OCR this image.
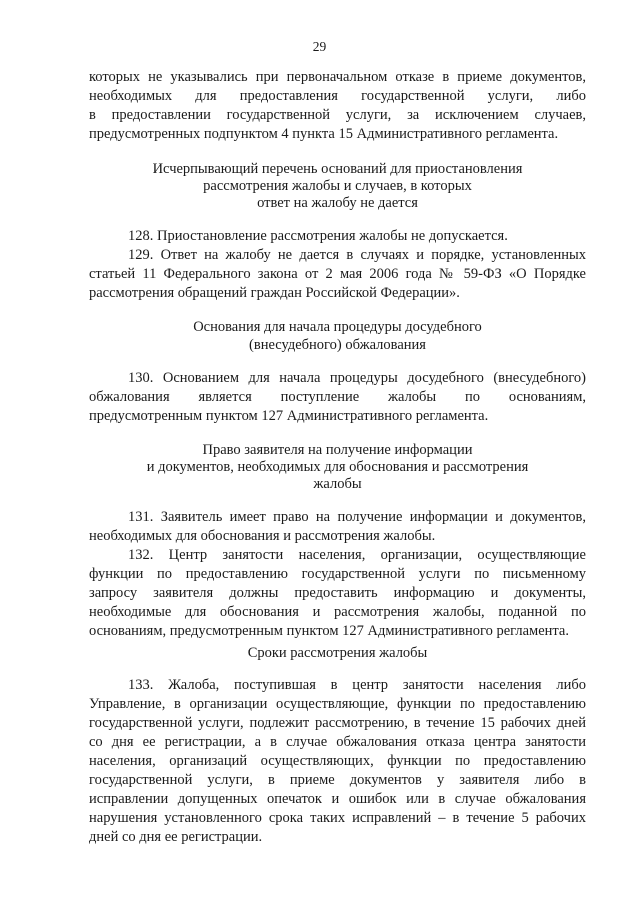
29
которых не указывались при первоначальном отказе в приеме документов,
необходимых для предоставления государственной услуги, либо
в предоставлении государственной услуги, за исключением случаев,
предусмотренных подпунктом 4 пункта 15 Административного регламента.
Исчерпывающий перечень оснований для приостановления
рассмотрения жалобы и случаев, в которых
ответ на жалобу не дается
128. Приостановление рассмотрения жалобы не допускается.
129. Ответ на жалобу не дается в случаях и порядке, установленных
статьей 11 Федерального закона от 2 мая 2006 года № 59-ФЗ «О Порядке
рассмотрения обращений граждан Российской Федерации».
Основания для начала процедуры досудебного
(внесудебного) обжалования
130. Основанием для начала процедуры досудебного (внесудебного)
обжалования является поступление жалобы по основаниям,
предусмотренным пунктом 127 Административного регламента.
Право заявителя на получение информации
и документов, необходимых для обоснования и рассмотрения
жалобы
131. Заявитель имеет право на получение информации и документов,
необходимых для обоснования и рассмотрения жалобы.
132. Центр занятости населения, организации, осуществляющие
функции по предоставлению государственной услуги по письменному
запросу заявителя должны предоставить информацию и документы,
необходимые для обоснования и рассмотрения жалобы, поданной по
основаниям, предусмотренным пунктом 127 Административного регламента.
Сроки рассмотрения жалобы
133. Жалоба, поступившая в центр занятости населения либо
Управление, в организации осуществляющие, функции по предоставлению
государственной услуги, подлежит рассмотрению, в течение 15 рабочих дней
со дня ее регистрации, а в случае обжалования отказа центра занятости
населения, организаций осуществляющих, функции по предоставлению
государственной услуги, в приеме документов у заявителя либо в
исправлении допущенных опечаток и ошибок или в случае обжалования
нарушения установленного срока таких исправлений – в течение 5 рабочих
дней со дня ее регистрации.
